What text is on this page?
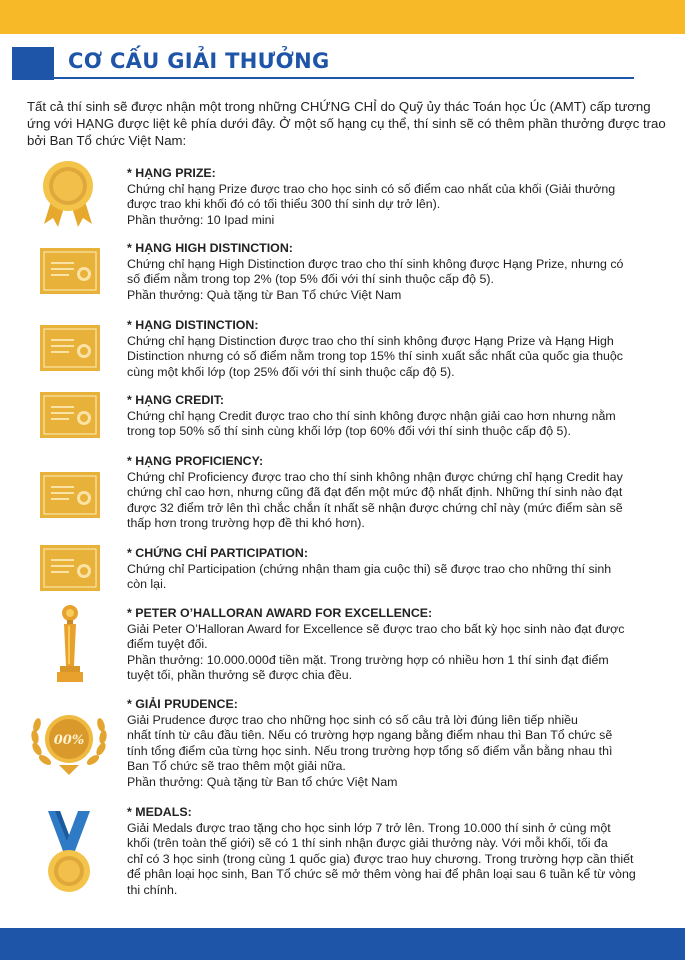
CƠ CẤU GIẢI THƯỞNG

Tất cả thí sinh sẽ được nhận một trong những CHỨNG CHỈ do Quỹ ủy thác Toán học Úc (AMT) cấp tương ứng với HẠNG được liệt kê phía dưới đây. Ở một số hạng cụ thể, thí sinh sẽ có thêm phần thưởng được trao bởi Ban Tổ chức Việt Nam:

* HẠNG PRIZE:

Chứng chỉ hạng Prize được trao cho học sinh có số điểm cao nhất của khối (Giải thưởng
được trao khi khối đó có tối thiểu 300 thí sinh dự trở lên).
Phần thưởng: 10 Ipad mini

* HẠNG HIGH DISTINCTION:

Chứng chỉ hạng High Distinction được trao cho thí sinh không được Hạng Prize, nhưng có
số điểm nằm trong top 2% (top 5% đối với thí sinh thuộc cấp độ 5).
Phần thưởng: Quà tặng từ Ban Tổ chức Việt Nam

* HẠNG DISTINCTION:

Chứng chỉ hạng Distinction được trao cho thí sinh không được Hạng Prize và Hạng High
Distinction nhưng có số điểm nằm trong top 15% thí sinh xuất sắc nhất của quốc gia thuộc
cùng một khối lớp (top 25% đối với thí sinh thuộc cấp độ 5).

* HẠNG CREDIT:

Chứng chỉ hạng Credit được trao cho thí sinh không được nhận giải cao hơn nhưng nằm
trong top 50% số thí sinh cùng khối lớp (top 60% đối với thí sinh thuộc cấp độ 5).

* HẠNG PROFICIENCY:

Chứng chỉ Proficiency được trao cho thí sinh không nhận được chứng chỉ hạng Credit hay
chứng chỉ cao hơn, nhưng cũng đã đạt đến một mức độ nhất định. Những thí sinh nào đạt
được 32 điểm trở lên thì chắc chắn ít nhất sẽ nhận được chứng chỉ này (mức điểm sàn sẽ
thấp hơn trong trường hợp đề thi khó hơn).

* CHỨNG CHỈ PARTICIPATION:

Chứng chỉ Participation (chứng nhận tham gia cuộc thi) sẽ được trao cho những thí sinh
còn lại.

* PETER O’HALLORAN AWARD FOR EXCELLENCE:

Giải Peter O’Halloran Award for Excellence sẽ được trao cho bất kỳ học sinh nào đạt được
điểm tuyệt đối.
Phần thưởng: 10.000.000đ tiền mặt. Trong trường hợp có nhiều hơn 1 thí sinh đạt điểm
tuyệt tối, phần thưởng sẽ được chia đều.

00%

* GIẢI PRUDENCE:

Giải Prudence được trao cho những học sinh có số câu trả lời đúng liên tiếp nhiều
nhất tính từ câu đầu tiên. Nếu có trường hợp ngang bằng điểm nhau thì Ban Tổ chức sẽ
tính tổng điểm của từng học sinh. Nếu trong trường hợp tổng số điểm vẫn bằng nhau thì
Ban Tổ chức sẽ trao thêm một giải nữa.
Phần thưởng: Quà tặng từ Ban tổ chức Việt Nam

* MEDALS:

Giải Medals được trao tặng cho học sinh lớp 7 trở lên. Trong 10.000 thí sinh ở cùng một
khối (trên toàn thế giới) sẽ có 1 thí sinh nhận được giải thưởng này. Với mỗi khối, tối đa
chỉ có 3 học sinh (trong cùng 1 quốc gia) được trao huy chương. Trong trường hợp cần thiết
để phân loại học sinh, Ban Tổ chức sẽ mở thêm vòng hai để phân loại sau 6 tuần kể từ vòng
thi chính.
